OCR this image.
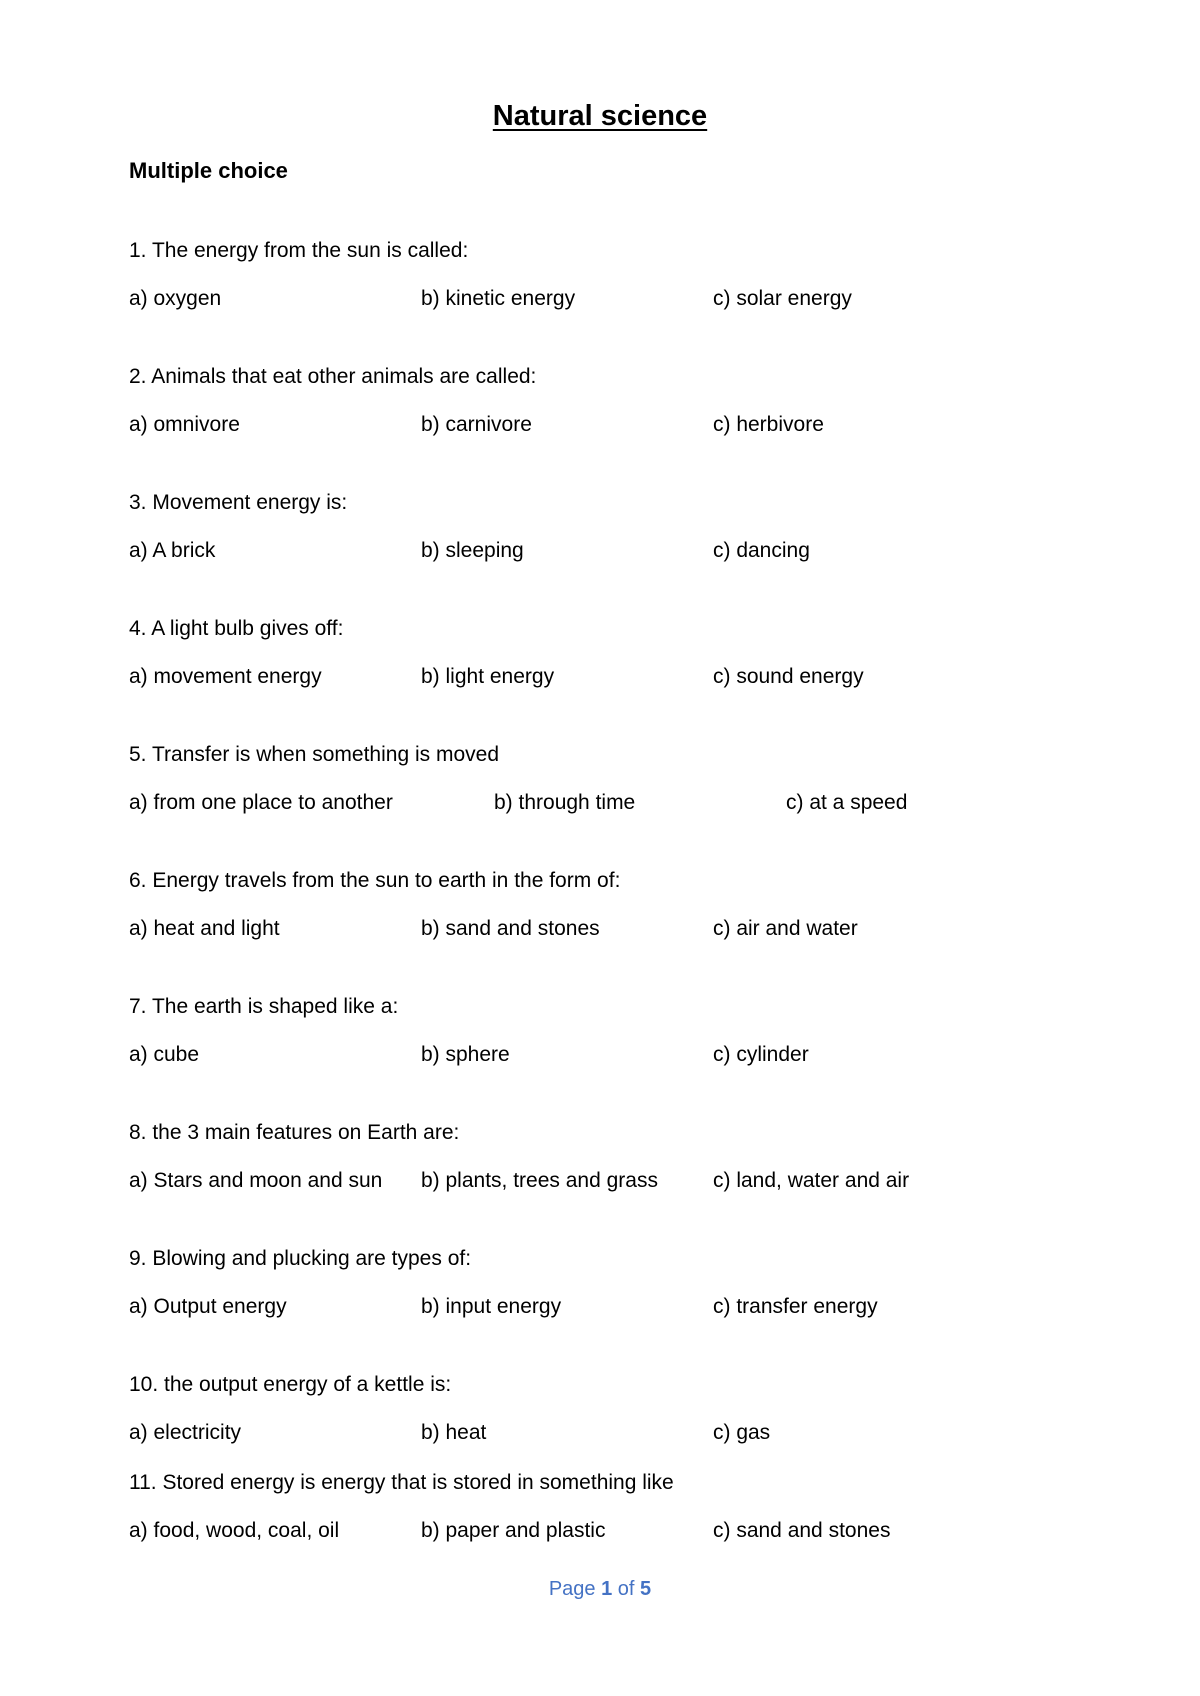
Natural science
Multiple choice
1. The energy from the sun is called:
a) oxygen	b) kinetic energy	c) solar energy
2. Animals that eat other animals are called:
a) omnivore	b) carnivore	c) herbivore
3. Movement energy is:
a) A brick	b) sleeping	c) dancing
4. A light bulb gives off:
a) movement energy	b) light energy	c) sound energy
5. Transfer is when something is moved
a) from one place to another	b) through time	c) at a speed
6. Energy travels from the sun to earth in the form of:
a) heat and light	b) sand and stones	c) air and water
7. The earth is shaped like a:
a) cube	b) sphere	c) cylinder
8. the 3 main features on Earth are:
a) Stars and moon and sun b) plants, trees and grass	c) land, water and air
9. Blowing and plucking are types of:
a) Output energy	b) input energy	c) transfer energy
10. the output energy of a kettle is:
a) electricity	b) heat	c) gas
11. Stored energy is energy that is stored in something like
a) food, wood, coal, oil	b) paper and plastic	c) sand and stones
Page 1 of 5
